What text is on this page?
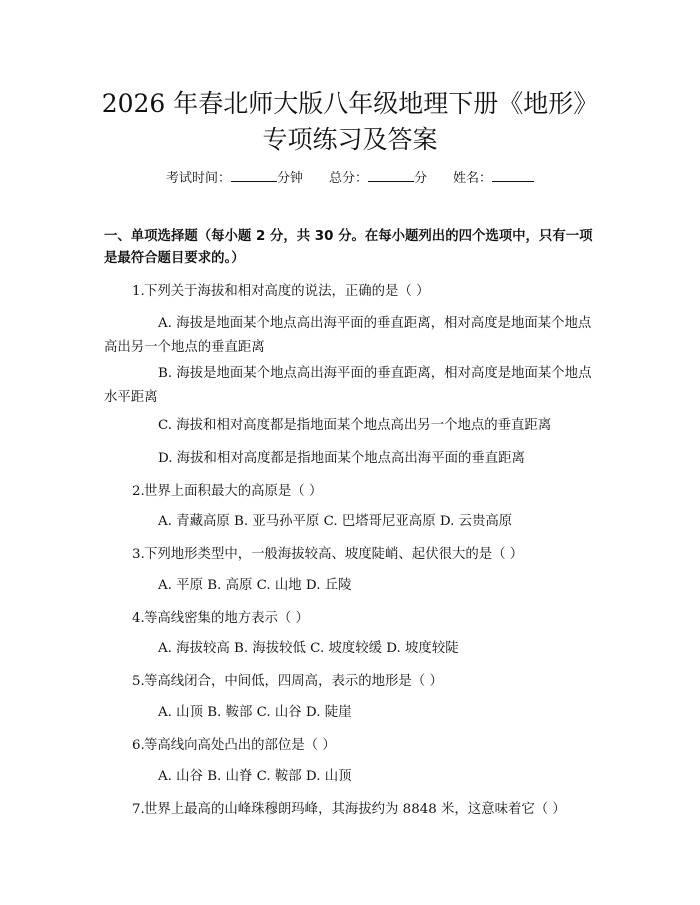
2026 年春北师大版八年级地理下册《地形》
专项练习及答案
考试时间：	分钟 总分：	分 姓名：
一、单项选择题（每小题 2 分，共 30 分。在每小题列出的四个选项中，只有一项是最符合题目要求的。）
1.下列关于海拔和相对高度的说法，正确的是（ ）
A. 海拔是地面某个地点高出海平面的垂直距离，相对高度是地面某个地点高出另一个地点的垂直距离
B. 海拔是地面某个地点高出海平面的垂直距离，相对高度是地面某个地点水平距离
C. 海拔和相对高度都是指地面某个地点高出另一个地点的垂直距离
D. 海拔和相对高度都是指地面某个地点高出海平面的垂直距离
2.世界上面积最大的高原是（ ）
A. 青藏高原 B. 亚马孙平原 C. 巴塔哥尼亚高原 D. 云贵高原
3.下列地形类型中，一般海拔较高、坡度陡峭、起伏很大的是（ ）
A. 平原 B. 高原 C. 山地 D. 丘陵
4.等高线密集的地方表示（ ）
A. 海拔较高 B. 海拔较低 C. 坡度较缓 D. 坡度较陡
5.等高线闭合，中间低，四周高，表示的地形是（ ）
A. 山顶 B. 鞍部 C. 山谷 D. 陡崖
6.等高线向高处凸出的部位是（ ）
A. 山谷 B. 山脊 C. 鞍部 D. 山顶
7.世界上最高的山峰珠穆朗玛峰，其海拔约为 8848 米，这意味着它（ ）
